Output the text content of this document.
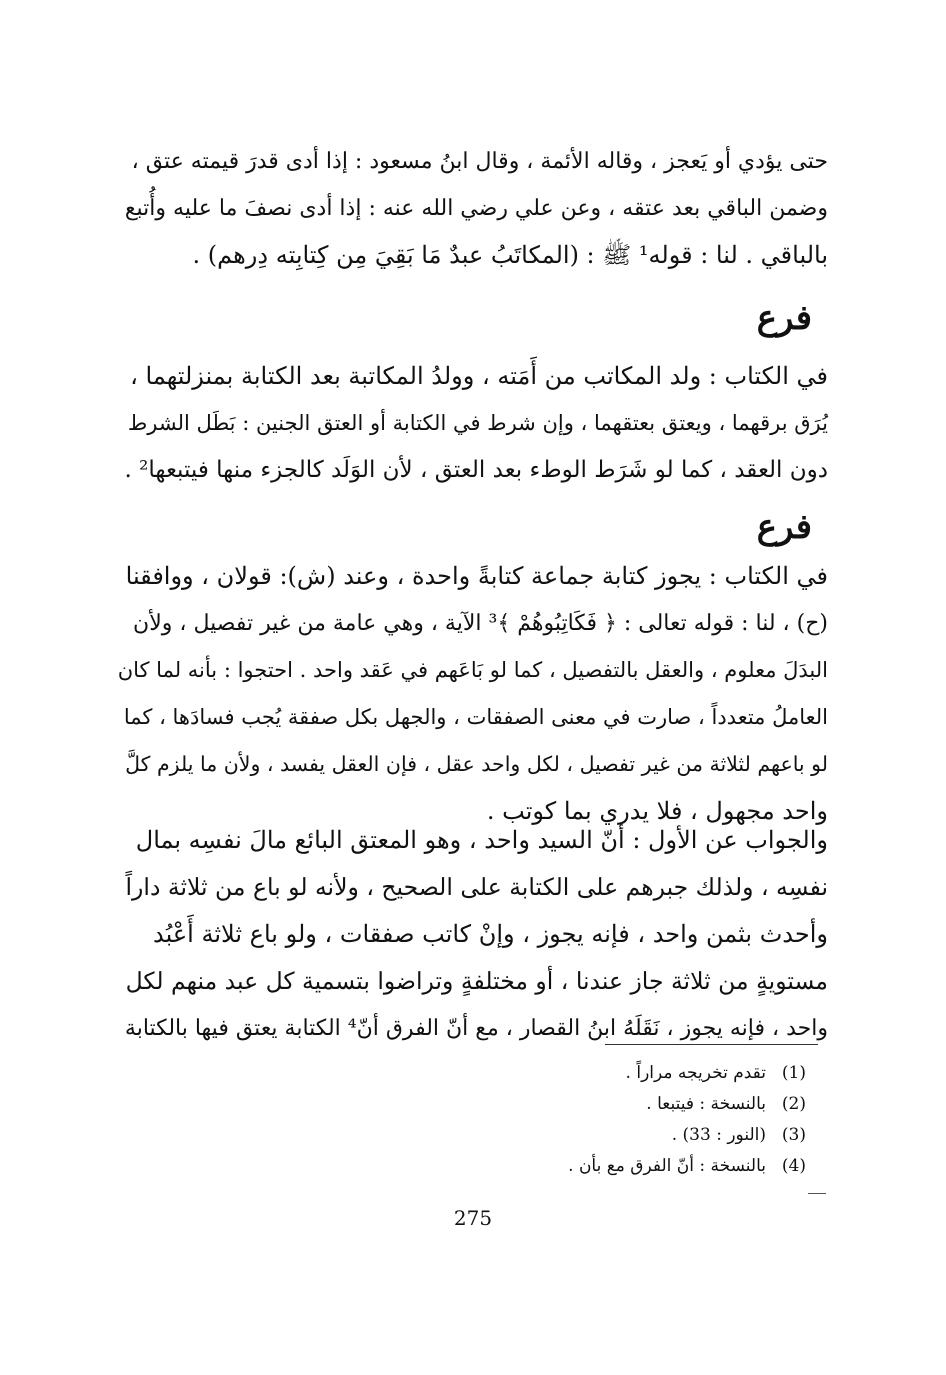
حتى يؤدي أو يَعجز ، وقاله الأئمة ، وقال ابنُ مسعود : إذا أدى قدرَ قيمته عتق ،

وضمن الباقي بعد عتقه ، وعن علي رضي الله عنه : إذا أدى نصفَ ما عليه وأُتبع

بالباقي . لنا : قوله¹ ﷺ : (المكاتَبُ عبدٌ مَا بَقِيَ مِن كِتابِته دِرهم) .

فرع

في الكتاب : ولد المكاتب من أَمَته ، وولدُ المكاتبة بعد الكتابة بمنزلتهما ،

يُرَق برقهما ، ويعتق بعتقهما ، وإن شرط في الكتابة أو العتق الجنين : بَطَل الشرط

دون العقد ، كما لو شَرَط الوطء بعد العتق ، لأن الوَلَد كالجزء منها فيتبعها² .

فرع

في الكتاب : يجوز كتابة جماعة كتابةً واحدة ، وعند (ش): قولان ، ووافقنا

(ح) ، لنا : قوله تعالى : ﴿ فَكَاتِبُوهُمْ ﴾³ الآية ، وهي عامة من غير تفصيل ، ولأن

البدَلَ معلوم ، والعقل بالتفصيل ، كما لو بَاعَهم في عَقد واحد . احتجوا : بأنه لما كان

العاملُ متعدداً ، صارت في معنى الصفقات ، والجهل بكل صفقة يُجب فسادَها ، كما

لو باعهم لثلاثة من غير تفصيل ، لكل واحد عقل ، فإن العقل يفسد ، ولأن ما يلزم كلَّ

واحد مجهول ، فلا يدري بما كوتب .

والجواب عن الأول : أنّ السيد واحد ، وهو المعتق البائع مالَ نفسِه بمال

نفسِه ، ولذلك جبرهم على الكتابة على الصحيح ، ولأنه لو باع من ثلاثة داراً

وأحدث بثمن واحد ، فإنه يجوز ، وإنْ كاتب صفقات ، ولو باع ثلاثة أَعْبُد

مستويةٍ من ثلاثة جاز عندنا ، أو مختلفةٍ وتراضوا بتسمية كل عبد منهم لكل

واحد ، فإنه يجوز ، نَقَلَهُ ابنُ القصار ، مع أنّ الفرق أنّ⁴ الكتابة يعتق فيها بالكتابة

(1)تقدم تخريجه مراراً .
(2)بالنسخة : فيتبعا .
(3)(النور : 33) .
(4)بالنسخة : أنّ الفرق مع بأن .
275
